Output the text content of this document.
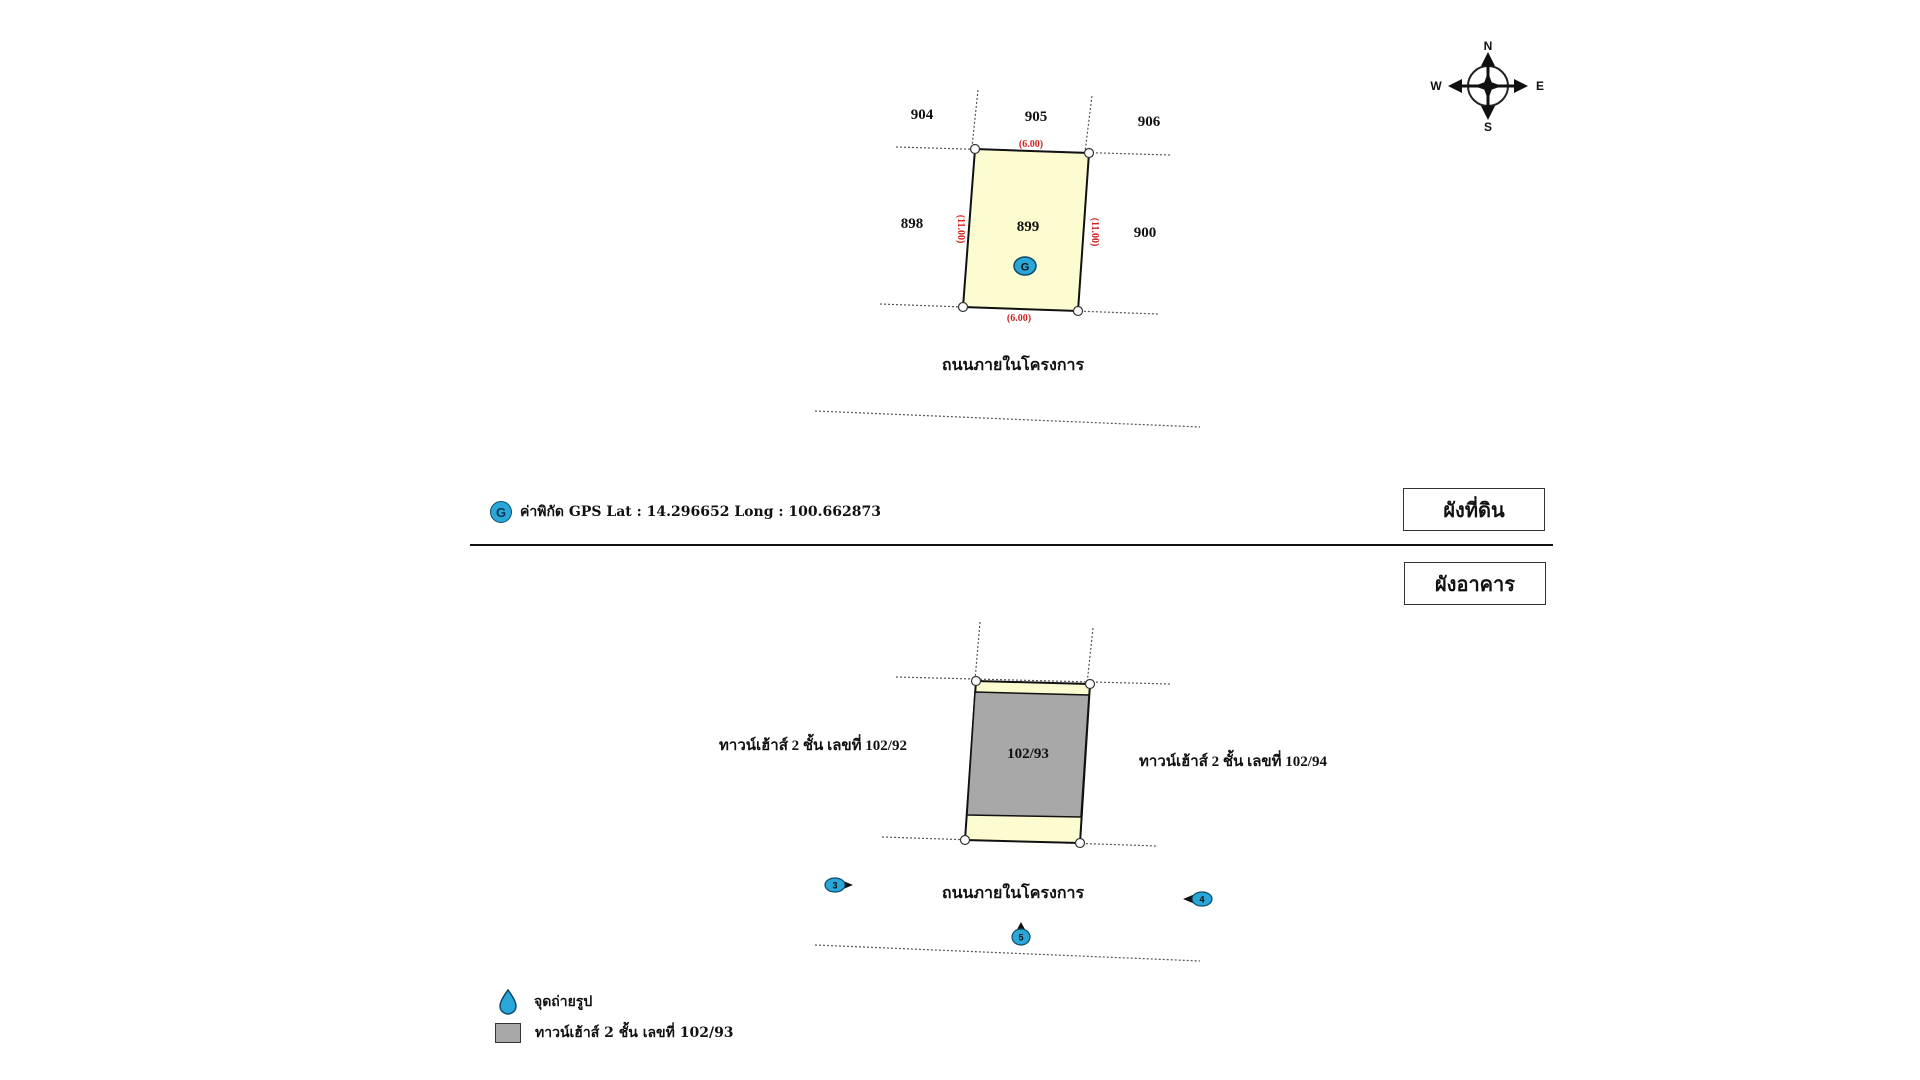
N
S
E
W
904	905	906
898
900
899
(6.00)
(6.00)
(11.00)	(11.00)
G
ถนนภายในโครงการ
102/93
ทาวน์เฮ้าส์ 2 ชั้น เลขที่ 102/92
ทาวน์เฮ้าส์ 2 ชั้น เลขที่ 102/94
ถนนภายในโครงการ
3
4
5
G ค่าพิกัด GPS Lat : 14.296652 Long : 100.662873	ผังที่ดิน
ผังอาคาร
จุดถ่ายรูป
ทาวน์เฮ้าส์ 2 ชั้น เลขที่ 102/93
